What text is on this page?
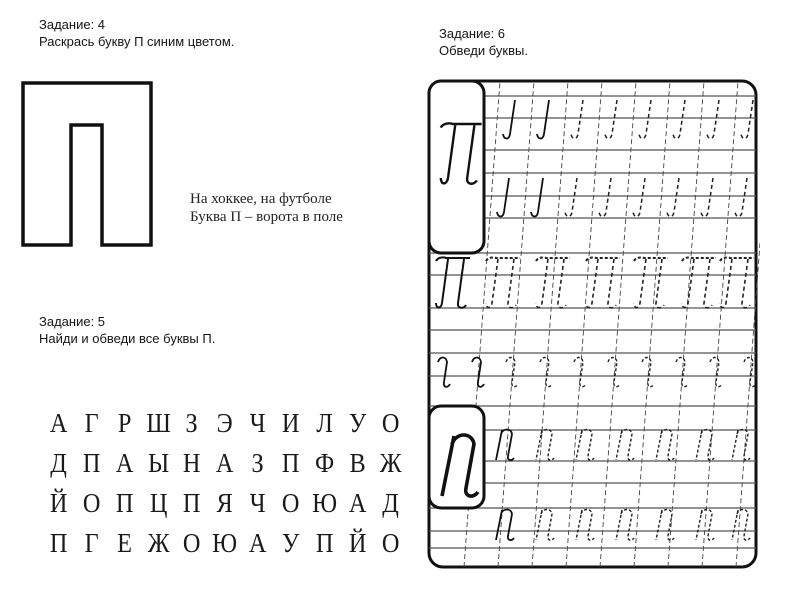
Задание: 4
Раскрась букву П синим цветом.
На хоккее, на футболе
Буква П – ворота в поле
Задание: 6
Обведи буквы.
Задание: 5
Найди и обведи все буквы П.
А Г Р Ш З Э Ч И Л У О
Д П А Ы Н А З П Ф В Ж
Й О П Ц П Я Ч О Ю А Д
П Г Е Ж О Ю А У П Й О
